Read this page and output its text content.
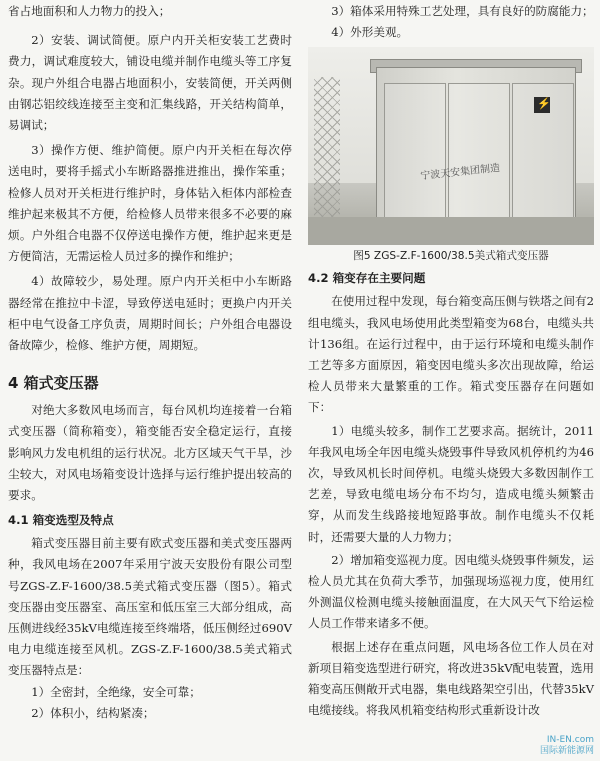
省占地面积和人力物力的投入；

2）安装、调试简便。原户内开关柜安装工艺费时费力，调试难度较大，铺设电缆并制作电缆头等工序复杂。现户外组合电器占地面积小，安装简便，开关两侧由钢芯铝绞线连接至主变和汇集线路，开关结构简单，易调试；

3）操作方便、维护简便。原户内开关柜在每次停送电时，要将手摇式小车断路器推进推出，操作笨重；检修人员对开关柜进行维护时，身体钻入柜体内部检查维护起来极其不方便，给检修人员带来很多不必要的麻烦。户外组合电器不仅停送电操作方便，维护起来更是方便简洁，无需运检人员过多的操作和维护；

4）故障较少，易处理。原户内开关柜中小车断路器经常在推拉中卡涩，导致停送电延时；更换户内开关柜中电气设备工序负责，周期时间长；户外组合电器设备故障少，检修、维护方便，周期短。

4 箱式变压器

对绝大多数风电场而言，每台风机均连接着一台箱式变压器（简称箱变），箱变能否安全稳定运行，直接影响风力发电机组的运行状况。北方区域天气干旱，沙尘较大，对风电场箱变设计选择与运行维护提出较高的要求。

4.1 箱变选型及特点

箱式变压器目前主要有欧式变压器和美式变压器两种，我风电场在2007年采用宁波天安股份有限公司型号ZGS-Z.F-1600/38.5美式箱式变压器（图5）。箱式变压器由变压器室、高压室和低压室三大部分组成，高压侧进线经35kV电缆连接至终端塔，低压侧经过690V电力电缆连接至风机。ZGS-Z.F-1600/38.5美式箱式变压器特点是：

1）全密封，全绝缘，安全可靠；

2）体积小，结构紧凑；

3）箱体采用特殊工艺处理，具有良好的防腐能力；

4）外形美观。

⚡
宁波天安集团制造
图5 ZGS-Z.F-1600/38.5美式箱式变压器
4.2 箱变存在主要问题

在使用过程中发现，每台箱变高压侧与铁塔之间有2组电缆头，我风电场使用此类型箱变为68台，电缆头共计136组。在运行过程中，由于运行环境和电缆头制作工艺等多方面原因，箱变因电缆头多次出现故障，给运检人员带来大量繁重的工作。箱式变压器存在问题如下：

1）电缆头较多，制作工艺要求高。据统计，2011年我风电场全年因电缆头烧毁事件导致风机停机约为46次，导致风机长时间停机。电缆头烧毁大多数因制作工艺差，导致电缆电场分布不均匀，造成电缆头频繁击穿，从而发生线路接地短路事故。制作电缆头不仅耗时，还需要大量的人力物力；

2）增加箱变巡视力度。因电缆头烧毁事件频发，运检人员尤其在负荷大季节，加强现场巡视力度，使用红外测温仪检测电缆头接触面温度，在大风天气下给运检人员工作带来诸多不便。

根据上述存在重点问题，风电场各位工作人员在对新项目箱变选型进行研究，将改进35kV配电装置，选用箱变高压侧敞开式电器，集电线路架空引出，代替35kV电缆接线。将我风机箱变结构形式重新设计改

IN-EN.com
国际新能源网
